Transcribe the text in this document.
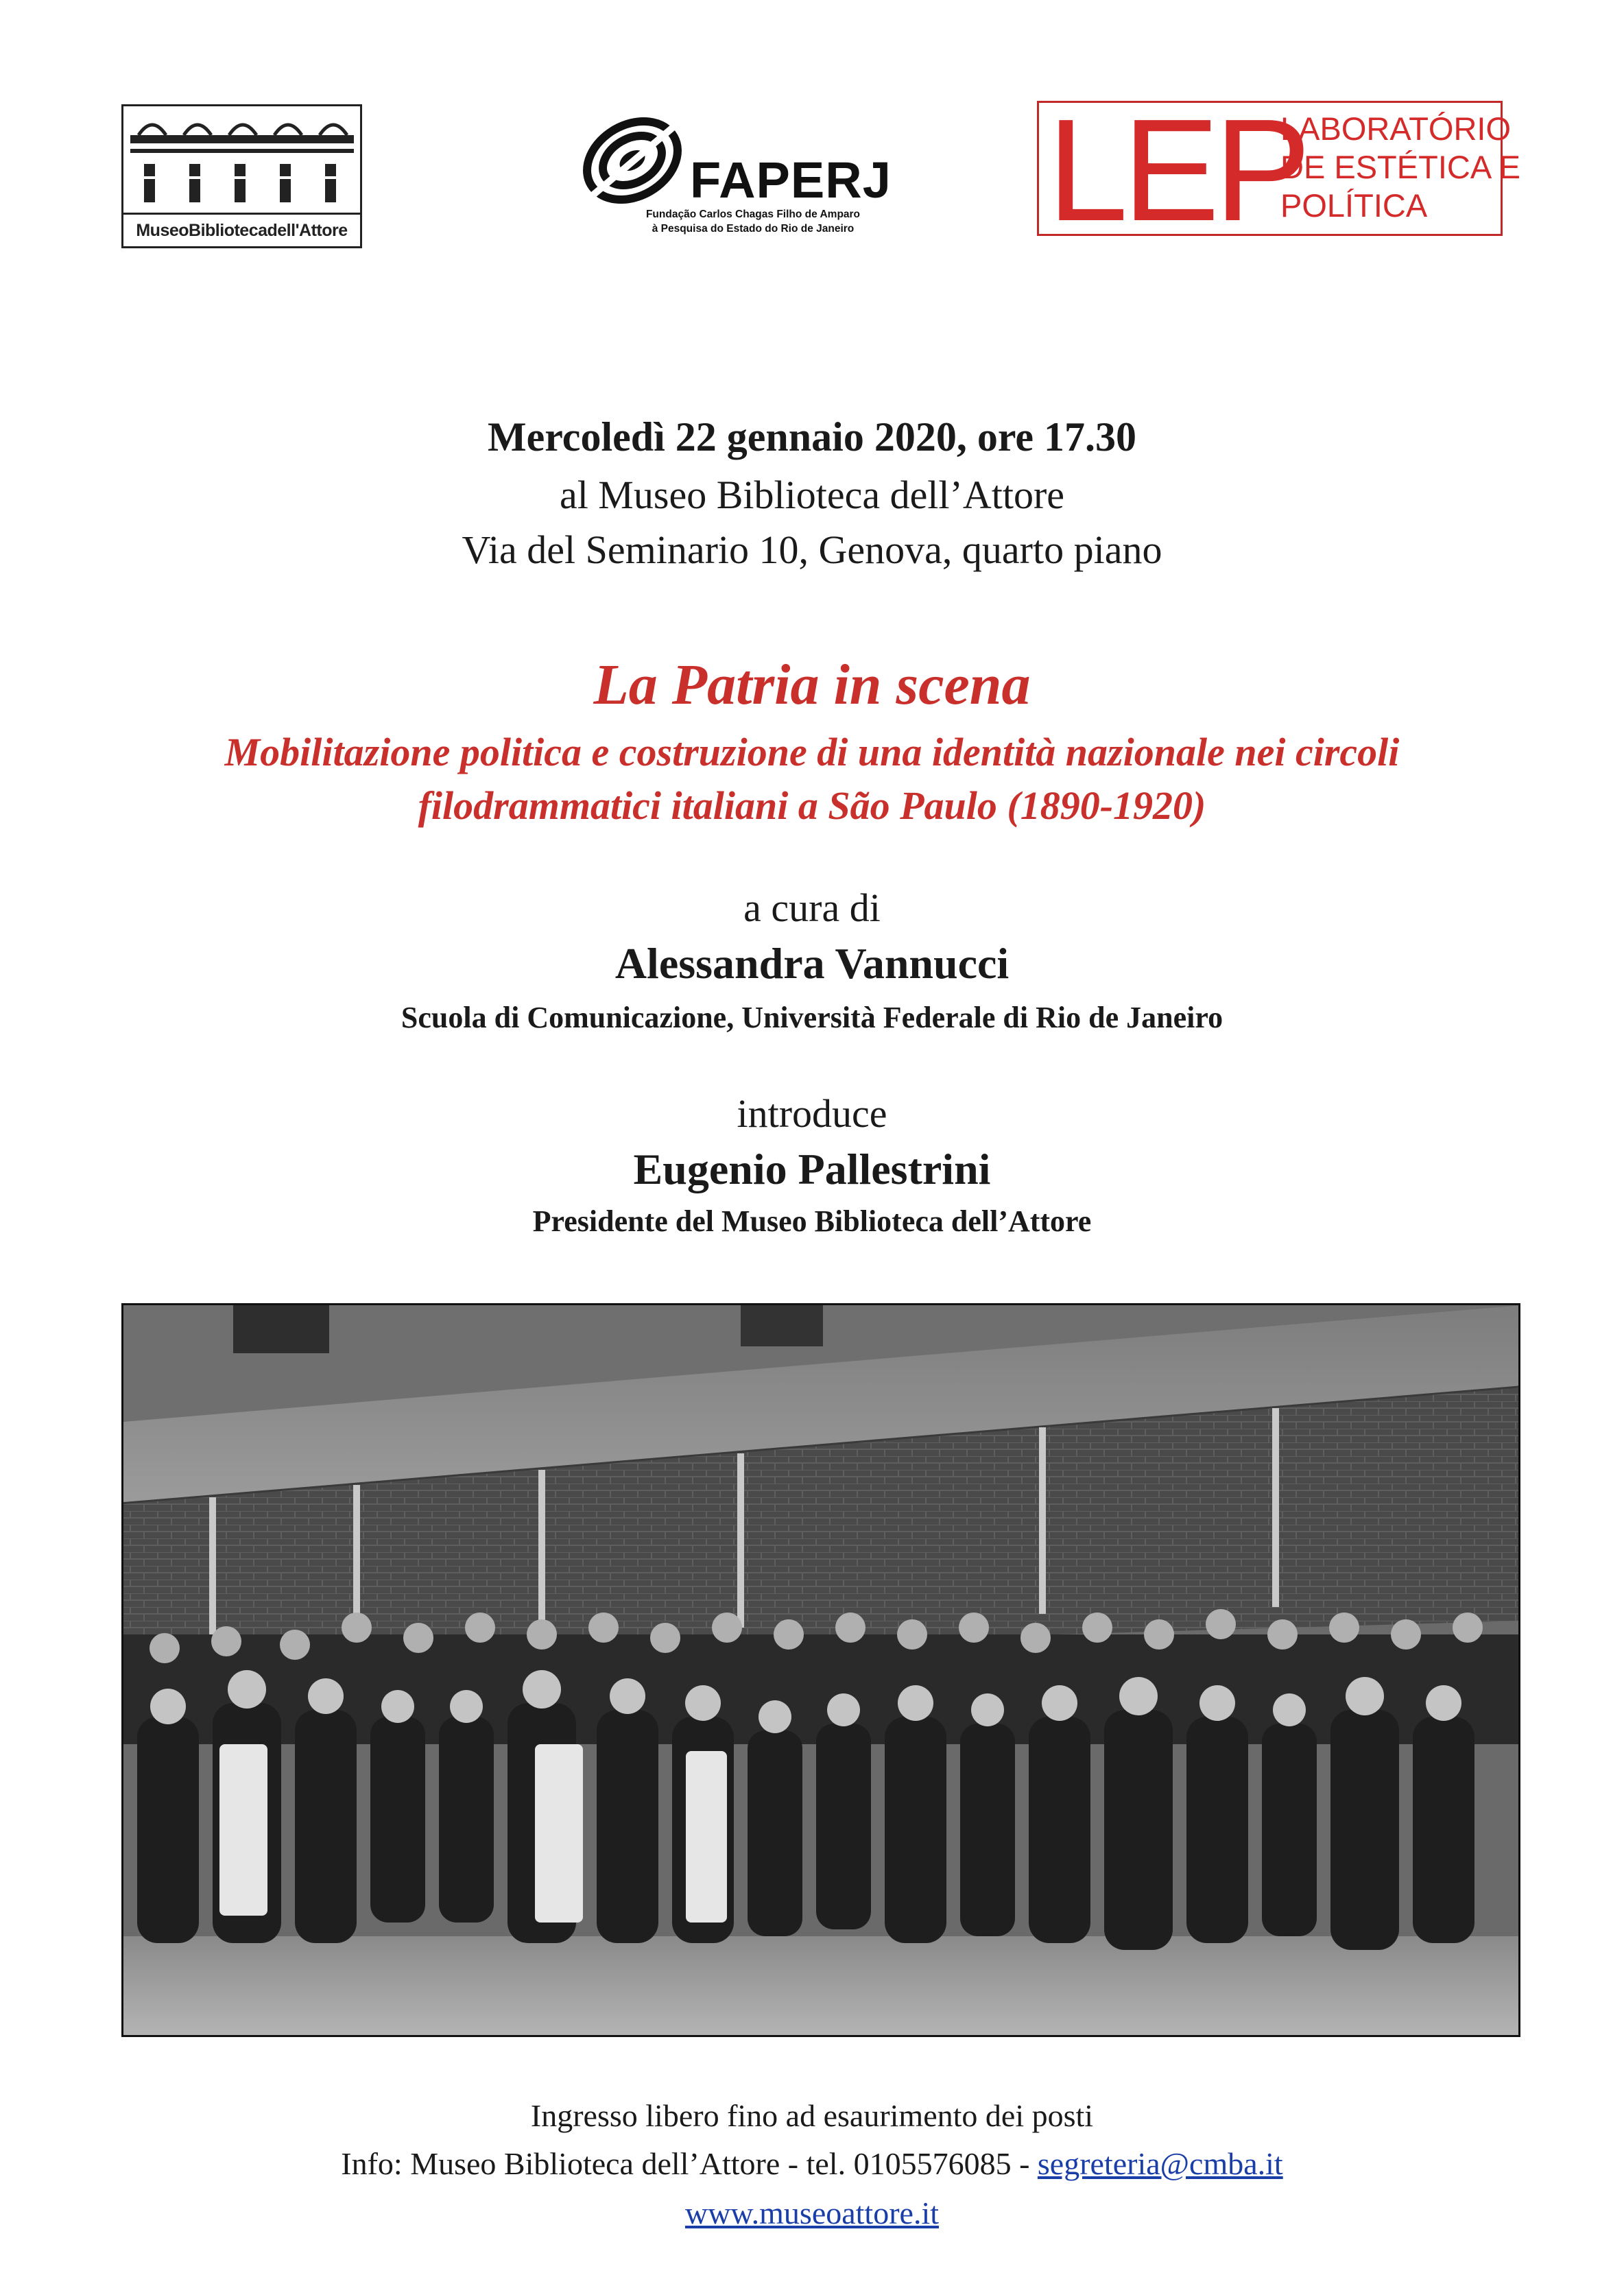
MuseoBibliotecadell'Attore
FAPERJ
Fundação Carlos Chagas Filho de Amparo
à Pesquisa do Estado do Rio de Janeiro	LEP
LABORATÓRIO
DE ESTÉTICA E
POLÍTICA
Mercoledì 22 gennaio 2020, ore 17.30
al Museo Biblioteca dell’Attore
Via del Seminario 10, Genova, quarto piano
La Patria in scena
Mobilitazione politica e costruzione di una identità nazionale nei circoli
filodrammatici italiani a São Paulo (1890-1920)
a cura di
Alessandra Vannucci
Scuola di Comunicazione, Università Federale di Rio de Janeiro
introduce
Eugenio Pallestrini
Presidente del Museo Biblioteca dell’Attore
Ingresso libero fino ad esaurimento dei posti
Info: Museo Biblioteca dell’Attore - tel. 0105576085 - segreteria@cmba.it
www.museoattore.it
